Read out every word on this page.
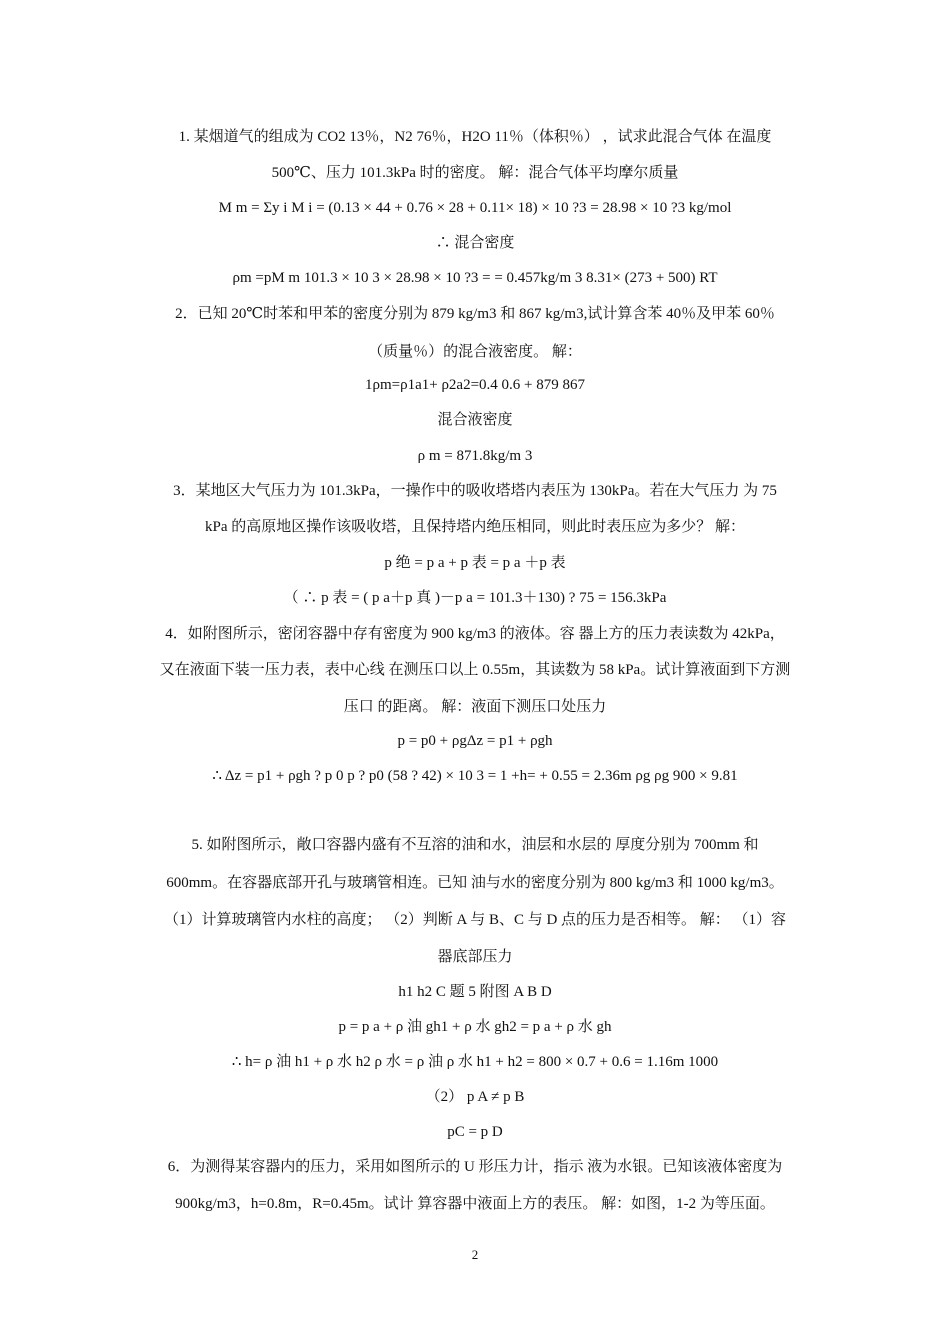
1. 某烟道气的组成为 CO2 13％，N2 76％，H2O 11％（体积％） ，试求此混合气体 在温度
500℃、压力 101.3kPa 时的密度。 解：混合气体平均摩尔质量
M m = Σy i M i = (0.13 × 44 + 0.76 × 28 + 0.11× 18) × 10 ?3 = 28.98 × 10 ?3 kg/mol
∴ 混合密度
ρm =pM m 101.3 × 10 3 × 28.98 × 10 ?3 = = 0.457kg/m 3 8.31× (273 + 500) RT
2．已知 20℃时苯和甲苯的密度分别为 879 kg/m3 和 867 kg/m3,试计算含苯 40％及甲苯 60％
（质量％）的混合液密度。 解：
1ρm=ρ1a1+ ρ2a2=0.4 0.6 + 879 867
混合液密度
ρ m = 871.8kg/m 3
3．某地区大气压力为 101.3kPa，一操作中的吸收塔塔内表压为 130kPa。若在大气压力 为 75
kPa 的高原地区操作该吸收塔，且保持塔内绝压相同，则此时表压应为多少？ 解：
p 绝 = p a + p 表 = p a ＋p 表
（ ∴ p 表 = ( p a＋p 真 )－p a = 101.3＋130) ? 75 = 156.3kPa
4．如附图所示，密闭容器中存有密度为 900 kg/m3 的液体。容 器上方的压力表读数为 42kPa，
又在液面下装一压力表，表中心线 在测压口以上 0.55m，其读数为 58 kPa。试计算液面到下方测
压口 的距离。 解：液面下测压口处压力
p = p0 + ρgΔz = p1 + ρgh
∴ Δz = p1 + ρgh ? p 0 p ? p0 (58 ? 42) × 10 3 = 1 +h= + 0.55 = 2.36m ρg ρg 900 × 9.81
5. 如附图所示，敞口容器内盛有不互溶的油和水，油层和水层的 厚度分别为 700mm 和
600mm。在容器底部开孔与玻璃管相连。已知 油与水的密度分别为 800 kg/m3 和 1000 kg/m3。
（1）计算玻璃管内水柱的高度； （2）判断 A 与 B、C 与 D 点的压力是否相等。 解： （1）容
器底部压力
h1 h2 C 题 5 附图 A B D
p = p a + ρ 油 gh1 + ρ 水 gh2 = p a + ρ 水 gh
∴ h= ρ 油 h1 + ρ 水 h2 ρ 水 = ρ 油 ρ 水 h1 + h2 = 800 × 0.7 + 0.6 = 1.16m 1000
（2） p A ≠ p B
pC = p D
6．为测得某容器内的压力，采用如图所示的 U 形压力计，指示 液为水银。已知该液体密度为
900kg/m3，h=0.8m，R=0.45m。试计 算容器中液面上方的表压。 解：如图，1-2 为等压面。
2
